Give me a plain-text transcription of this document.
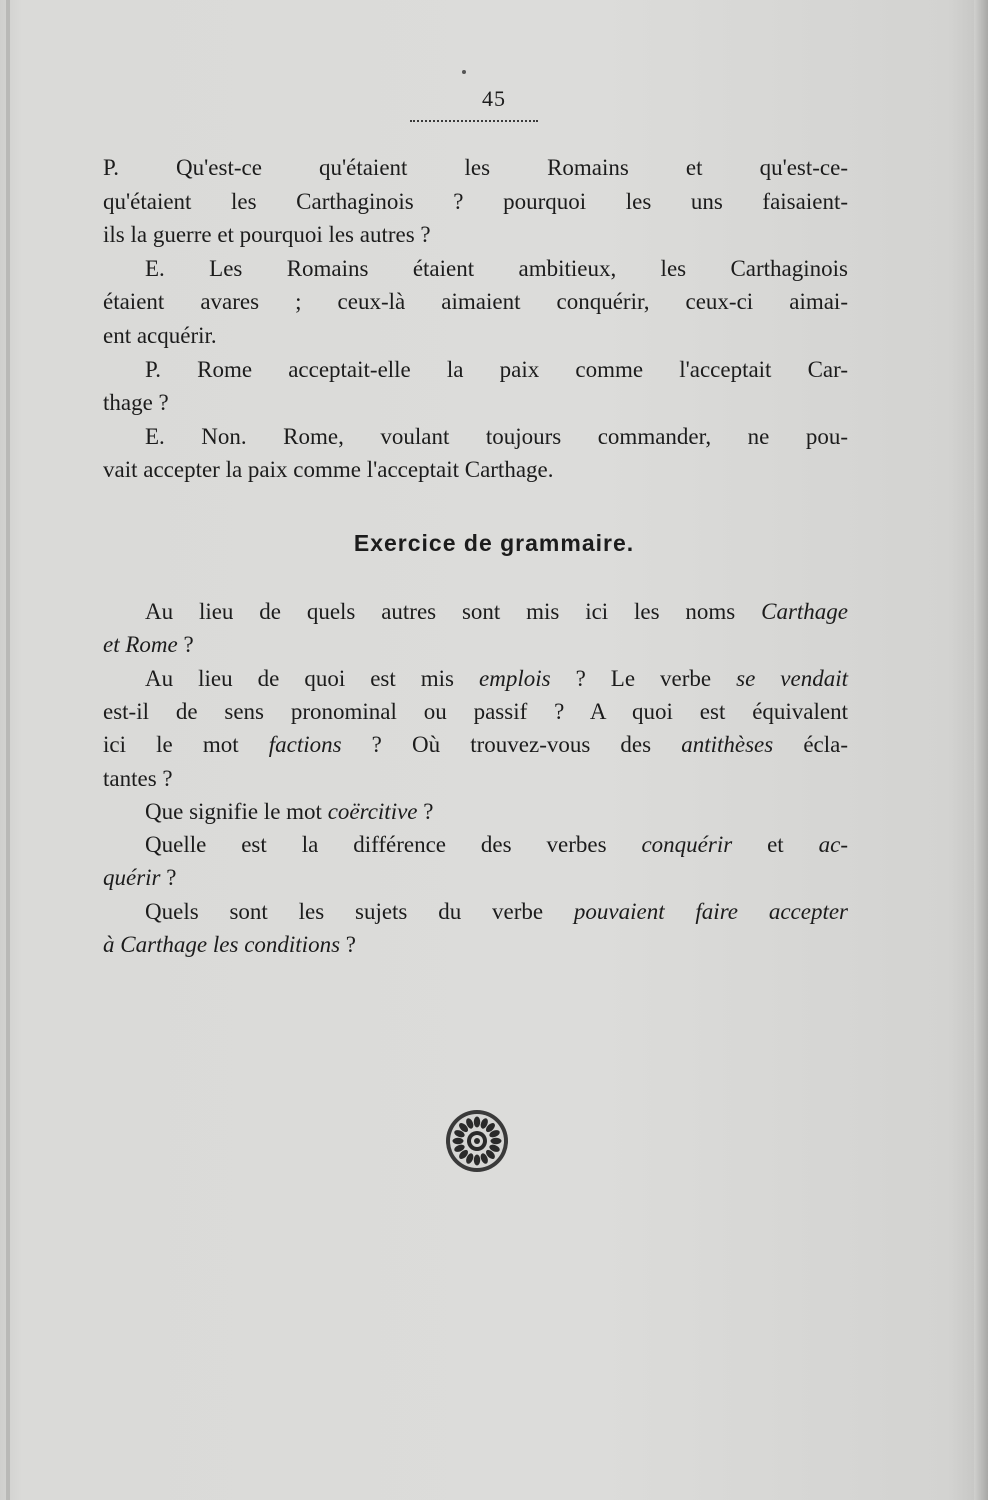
45
P. Qu'est-ce qu'étaient les Romains et qu'est-ce-
qu'étaient les Carthaginois ? pourquoi les uns faisaient-
ils la guerre et pourquoi les autres ?
E. Les Romains étaient ambitieux, les Carthaginois
étaient avares ; ceux-là aimaient conquérir, ceux-ci aimai-
ent acquérir.
P. Rome acceptait-elle la paix comme l'acceptait Car-
thage ?
E. Non. Rome, voulant toujours commander, ne pou-
vait accepter la paix comme l'acceptait Carthage.
Exercice de grammaire.
Au lieu de quels autres sont mis ici les noms Carthage
et Rome ?
Au lieu de quoi est mis emplois ? Le verbe se vendait
est-il de sens pronominal ou passif ? A quoi est équivalent
ici le mot factions ? Où trouvez-vous des antithèses écla-
tantes ?
Que signifie le mot coërcitive ?
Quelle est la différence des verbes conquérir et ac-
quérir ?
Quels sont les sujets du verbe pouvaient faire accepter
à Carthage les conditions ?
